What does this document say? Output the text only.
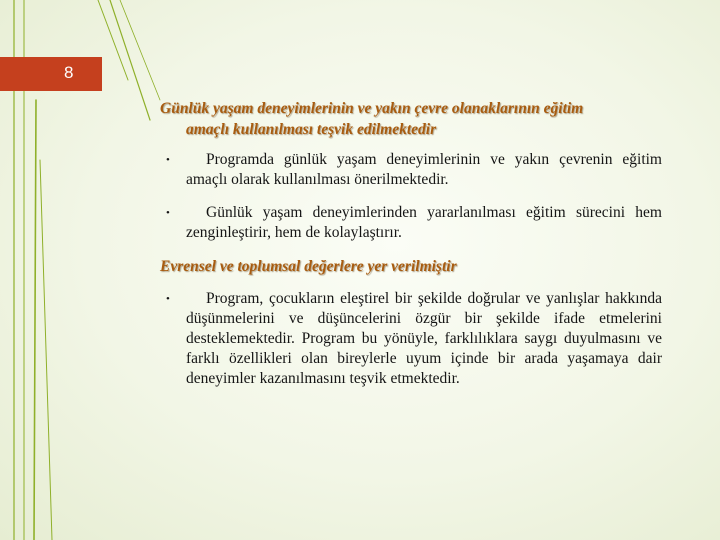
8
Günlük yaşam deneyimlerinin ve yakın çevre olanaklarının eğitim
amaçlı kullanılması teşvik edilmektedir
•	Programda günlük yaşam deneyimlerinin ve yakın çevrenin eğitim amaçlı olarak kullanılması önerilmektedir.
•	Günlük yaşam deneyimlerinden yararlanılması eğitim sürecini hem zenginleştirir, hem de kolaylaştırır.
Evrensel ve toplumsal değerlere yer verilmiştir
•	Program, çocukların eleştirel bir şekilde doğrular ve yanlışlar hakkında düşünmelerini ve düşüncelerini özgür bir şekilde ifade etmelerini desteklemektedir. Program bu yönüyle, farklılıklara saygı duyulmasını ve farklı özellikleri olan bireylerle uyum içinde bir arada yaşamaya dair deneyimler kazanılmasını teşvik etmektedir.
